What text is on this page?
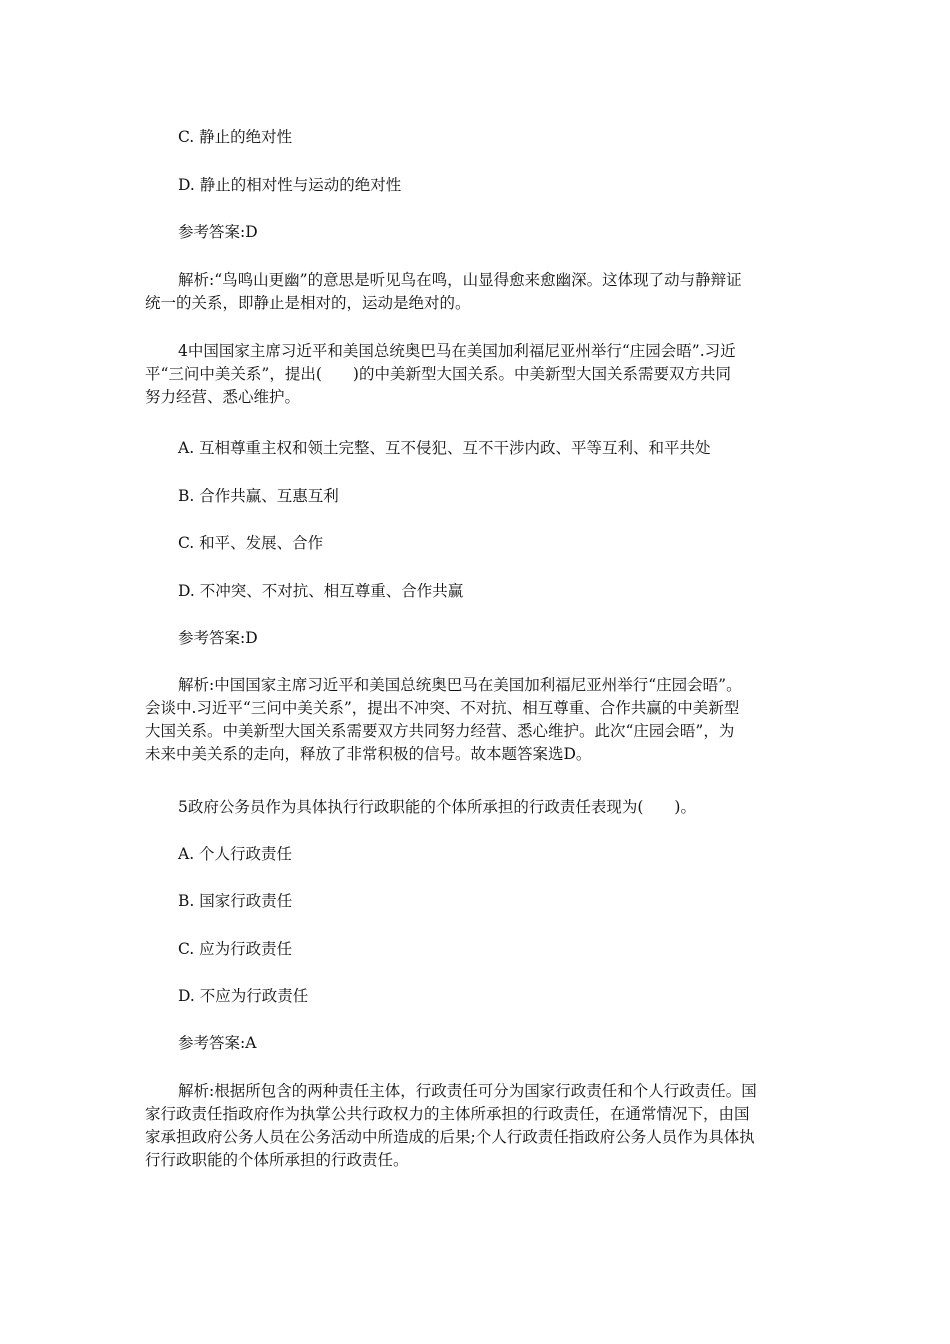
C. 静止的绝对性

D. 静止的相对性与运动的绝对性

参考答案:D

解析:“鸟鸣山更幽”的意思是听见鸟在鸣，山显得愈来愈幽深。这体现了动与静辩证
统一的关系，即静止是相对的，运动是绝对的。

4中国国家主席习近平和美国总统奥巴马在美国加利福尼亚州举行“庄园会晤”.习近
平“三问中美关系”，提出(　　)的中美新型大国关系。中美新型大国关系需要双方共同
努力经营、悉心维护。

A. 互相尊重主权和领土完整、互不侵犯、互不干涉内政、平等互利、和平共处

B. 合作共赢、互惠互利

C. 和平、发展、合作

D. 不冲突、不对抗、相互尊重、合作共赢

参考答案:D

解析:中国国家主席习近平和美国总统奥巴马在美国加利福尼亚州举行“庄园会晤”。
会谈中.习近平“三问中美关系”，提出不冲突、不对抗、相互尊重、合作共赢的中美新型
大国关系。中美新型大国关系需要双方共同努力经营、悉心维护。此次“庄园会晤”，为
未来中美关系的走向，释放了非常积极的信号。故本题答案选D。

5政府公务员作为具体执行行政职能的个体所承担的行政责任表现为(　　)。

A. 个人行政责任

B. 国家行政责任

C. 应为行政责任

D. 不应为行政责任

参考答案:A

解析:根据所包含的两种责任主体，行政责任可分为国家行政责任和个人行政责任。国
家行政责任指政府作为执掌公共行政权力的主体所承担的行政责任，在通常情况下，由国
家承担政府公务人员在公务活动中所造成的后果;个人行政责任指政府公务人员作为具体执
行行政职能的个体所承担的行政责任。
